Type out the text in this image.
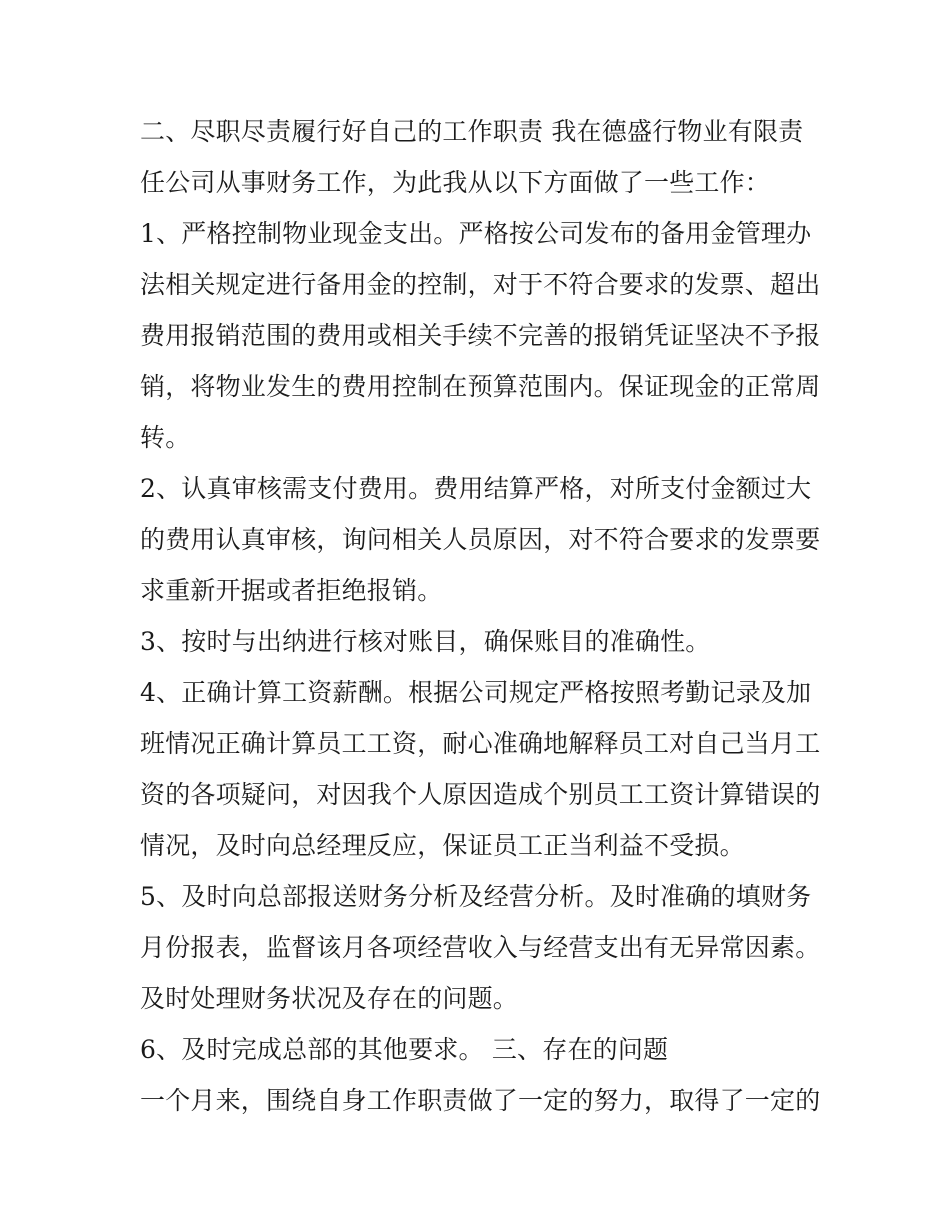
二、尽职尽责履行好自己的工作职责 我在德盛行物业有限责
任公司从事财务工作，为此我从以下方面做了一些工作：
1、严格控制物业现金支出。严格按公司发布的备用金管理办
法相关规定进行备用金的控制，对于不符合要求的发票、超出
费用报销范围的费用或相关手续不完善的报销凭证坚决不予报
销，将物业发生的费用控制在预算范围内。保证现金的正常周
转。
2、认真审核需支付费用。费用结算严格，对所支付金额过大
的费用认真审核，询问相关人员原因，对不符合要求的发票要
求重新开据或者拒绝报销。
3、按时与出纳进行核对账目，确保账目的准确性。
4、正确计算工资薪酬。根据公司规定严格按照考勤记录及加
班情况正确计算员工工资，耐心准确地解释员工对自己当月工
资的各项疑问，对因我个人原因造成个别员工工资计算错误的
情况，及时向总经理反应，保证员工正当利益不受损。
5、及时向总部报送财务分析及经营分析。及时准确的填财务
月份报表，监督该月各项经营收入与经营支出有无异常因素。
及时处理财务状况及存在的问题。
6、及时完成总部的其他要求。 三、存在的问题
一个月来，围绕自身工作职责做了一定的努力，取得了一定的
